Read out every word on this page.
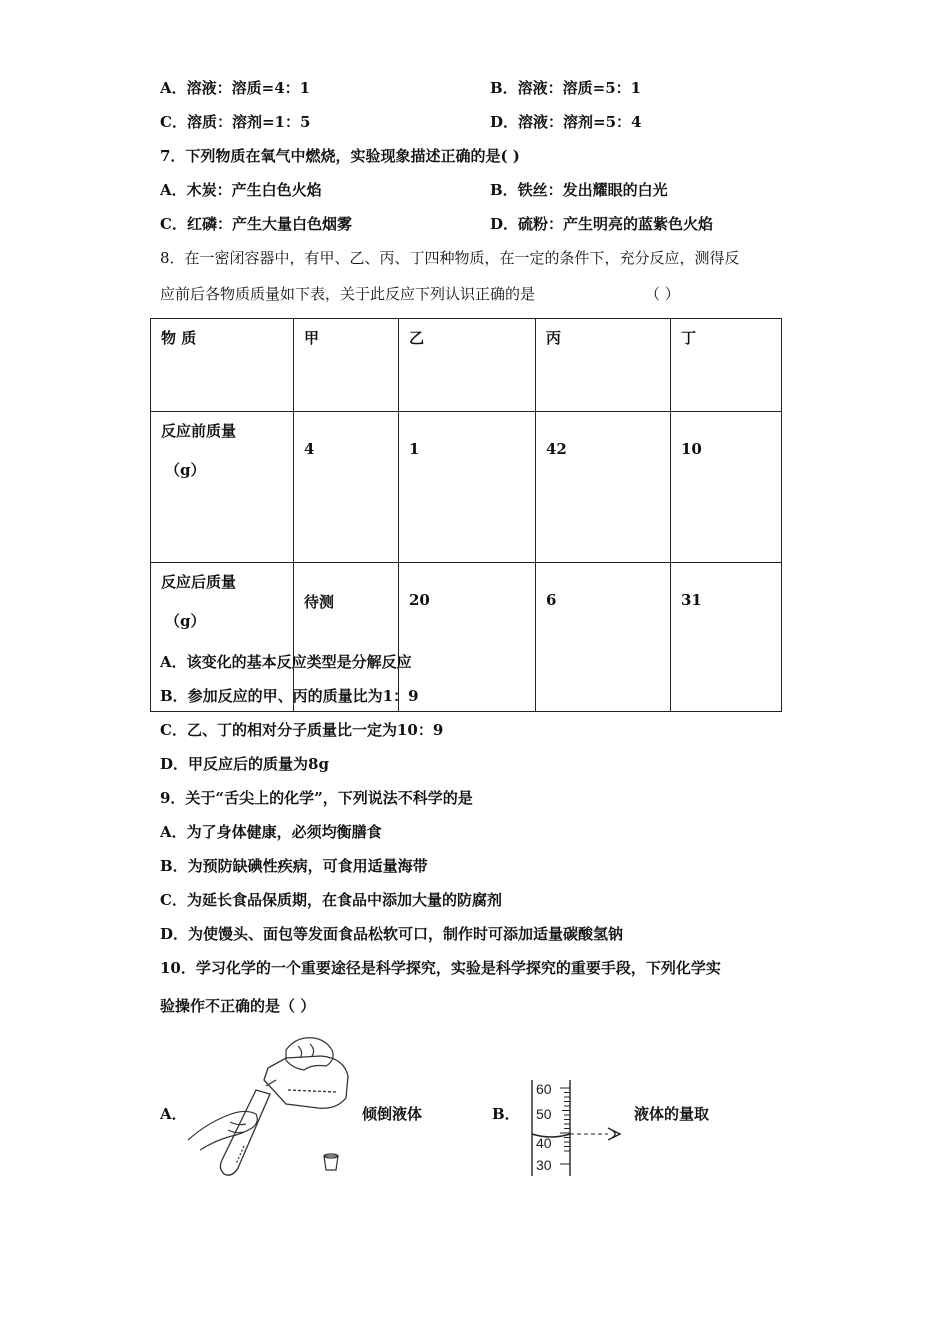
A．溶液：溶质=4：1	B．溶液：溶质=5：1
C．溶质：溶剂=1：5	D．溶液：溶剂=5：4
7．下列物质在氧气中燃烧，实验现象描述正确的是( )
A．木炭：产生白色火焰	B．铁丝：发出耀眼的白光
C．红磷：产生大量白色烟雾	D．硫粉：产生明亮的蓝紫色火焰
8．在一密闭容器中，有甲、乙、丙、丁四种物质，在一定的条件下，充分反应，测得反
应前后各物质质量如下表，关于此反应下列认识正确的是	（ ）
物 质	甲	乙	丙	丁

反应前质量
（g）	4	1	42	10

反应后质量
（g）	待测	20	6	31
A．该变化的基本反应类型是分解反应
B．参加反应的甲、丙的质量比为1：9
C．乙、丁的相对分子质量比一定为10：9
D．甲反应后的质量为8g
9．关于“舌尖上的化学”，下列说法不科学的是
A．为了身体健康，必须均衡膳食
B．为预防缺碘性疾病，可食用适量海带
C．为延长食品保质期，在食品中添加大量的防腐剂
D．为使馒头、面包等发面食品松软可口，制作时可添加适量碳酸氢钠
10．学习化学的一个重要途径是科学探究，实验是科学探究的重要手段，下列化学实
验操作不正确的是（ ）
A．	倾倒液体	B．
60
50
40
30
液体的量取
